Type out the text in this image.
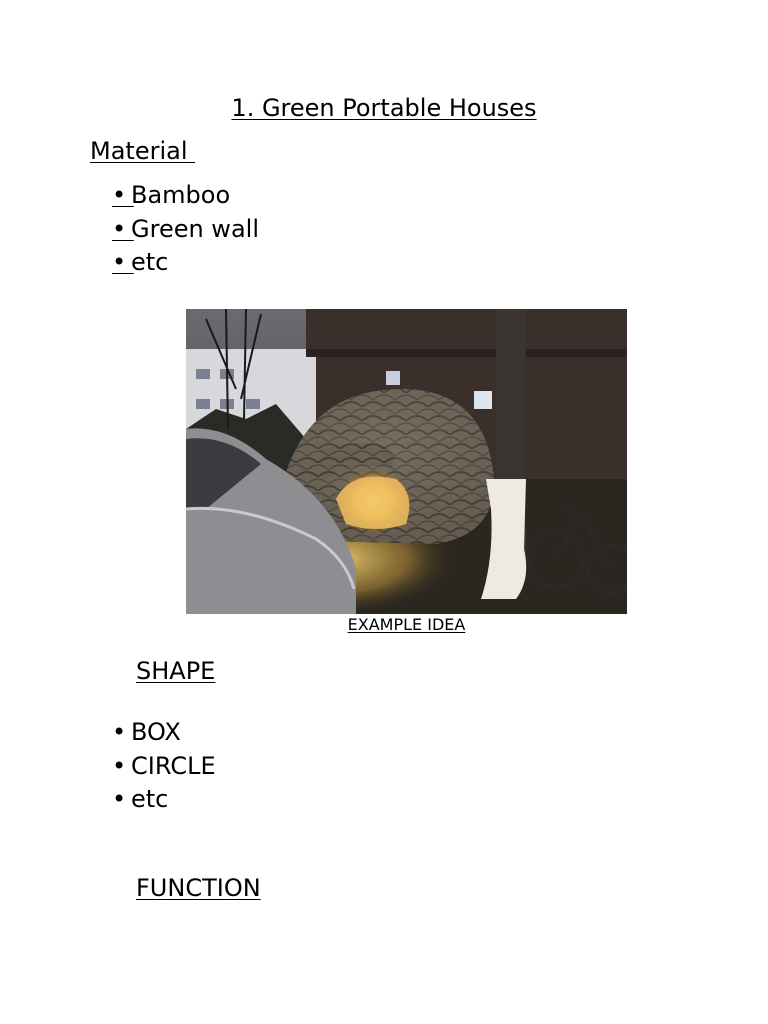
1. Green Portable Houses
Material
• Bamboo
• Green wall
• etc
EXAMPLE IDEA
SHAPE
• BOX
• CIRCLE
• etc
FUNCTION
